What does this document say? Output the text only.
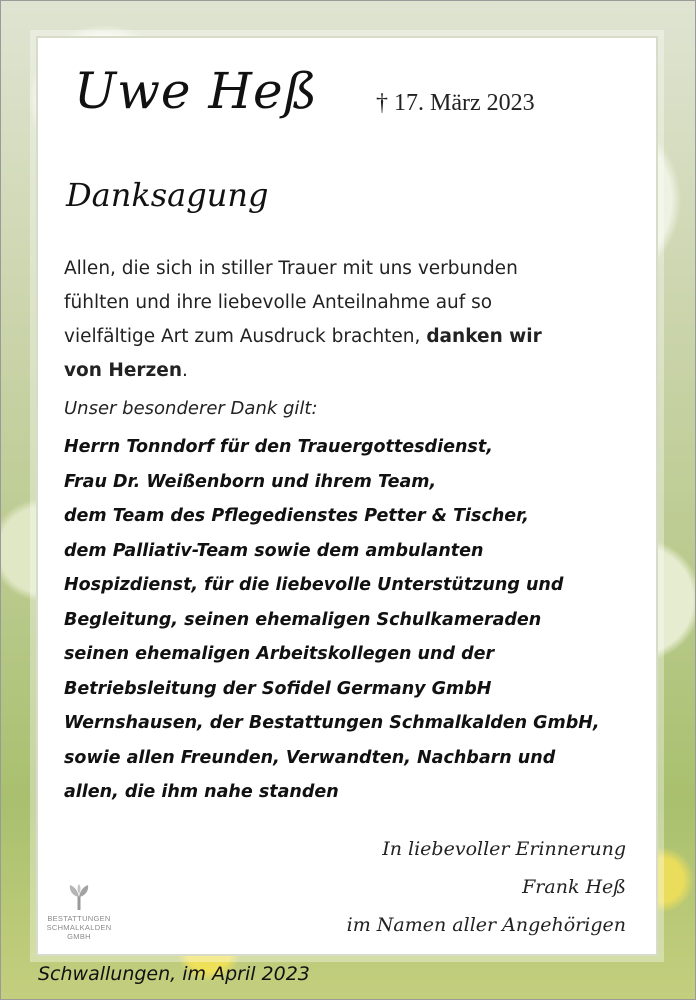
Uwe Heß † 17. März 2023
Danksagung

Allen, die sich in stiller Trauer mit uns verbunden fühlten und ihre liebevolle Anteilnahme auf so vielfältige Art zum Ausdruck brachten, danken wir von Herzen.

Unser besonderer Dank gilt:
Herrn Tonndorf für den Trauergottesdienst,
Frau Dr. Weißenborn und ihrem Team,
dem Team des Pflegedienstes Petter & Tischer,
dem Palliativ-Team sowie dem ambulanten
Hospizdienst, für die liebevolle Unterstützung und
Begleitung, seinen ehemaligen Schulkameraden
seinen ehemaligen Arbeitskollegen und der
Betriebsleitung der Sofidel Germany GmbH
Wernshausen, der Bestattungen Schmalkalden GmbH,
sowie allen Freunden, Verwandten, Nachbarn und
allen, die ihm nahe standen
In liebevoller Erinnerung
Frank Heß
im Namen aller Angehörigen
BESTATTUNGEN
SCHMALKALDEN
GMBH
Schwallungen, im April 2023
